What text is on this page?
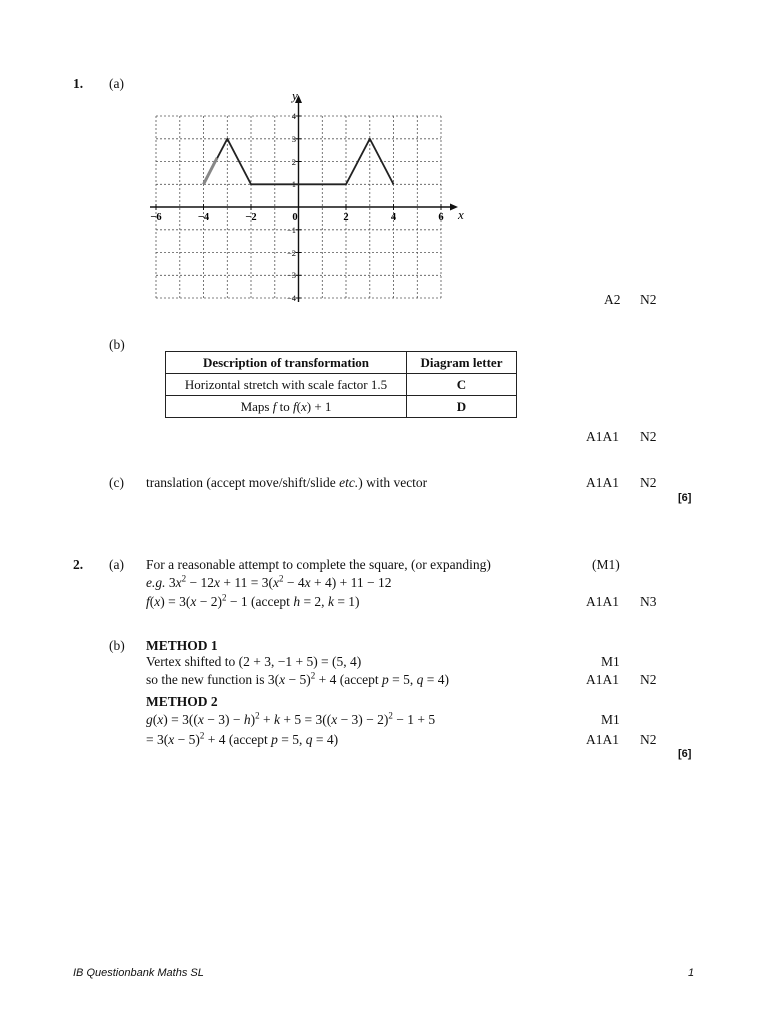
1. (a)
x
y
−6	−4	−2	0	2	4	6
4
3
2
1
−1
−2
−3
−4	A2 N2
(b)
Description of transformation	Diagram letter
Horizontal stretch with scale factor 1.5	C
Maps f to f(x) + 1	D
A1A1 N2
(c) translation (accept move/shift/slide etc.) with vector	A1A1 N2
[6]
2. (a) For a reasonable attempt to complete the square, (or expanding)	(M1)
e.g. $3x^2 - 12x + 11 = 3(x^2 - 4x + 4) + 11 - 12$
$f(x) = 3(x - 2)^2 - 1$ (accept h = 2, k = 1)	A1A1 N3
(b) METHOD 1
Vertex shifted to (2 + 3, −1 + 5) = (5, 4)	M1
so the new function is $3(x - 5)^2 + 4$ (accept p = 5, q = 4)	A1A1 N2
METHOD 2
$g(x) = 3((x - 3) - h)^2 + k + 5 = 3((x - 3) - 2)^2 - 1 + 5$	M1
= $3(x - 5)^2 + 4$ (accept p = 5, q = 4)	A1A1 N2
[6]
IB Questionbank Maths SL	1
